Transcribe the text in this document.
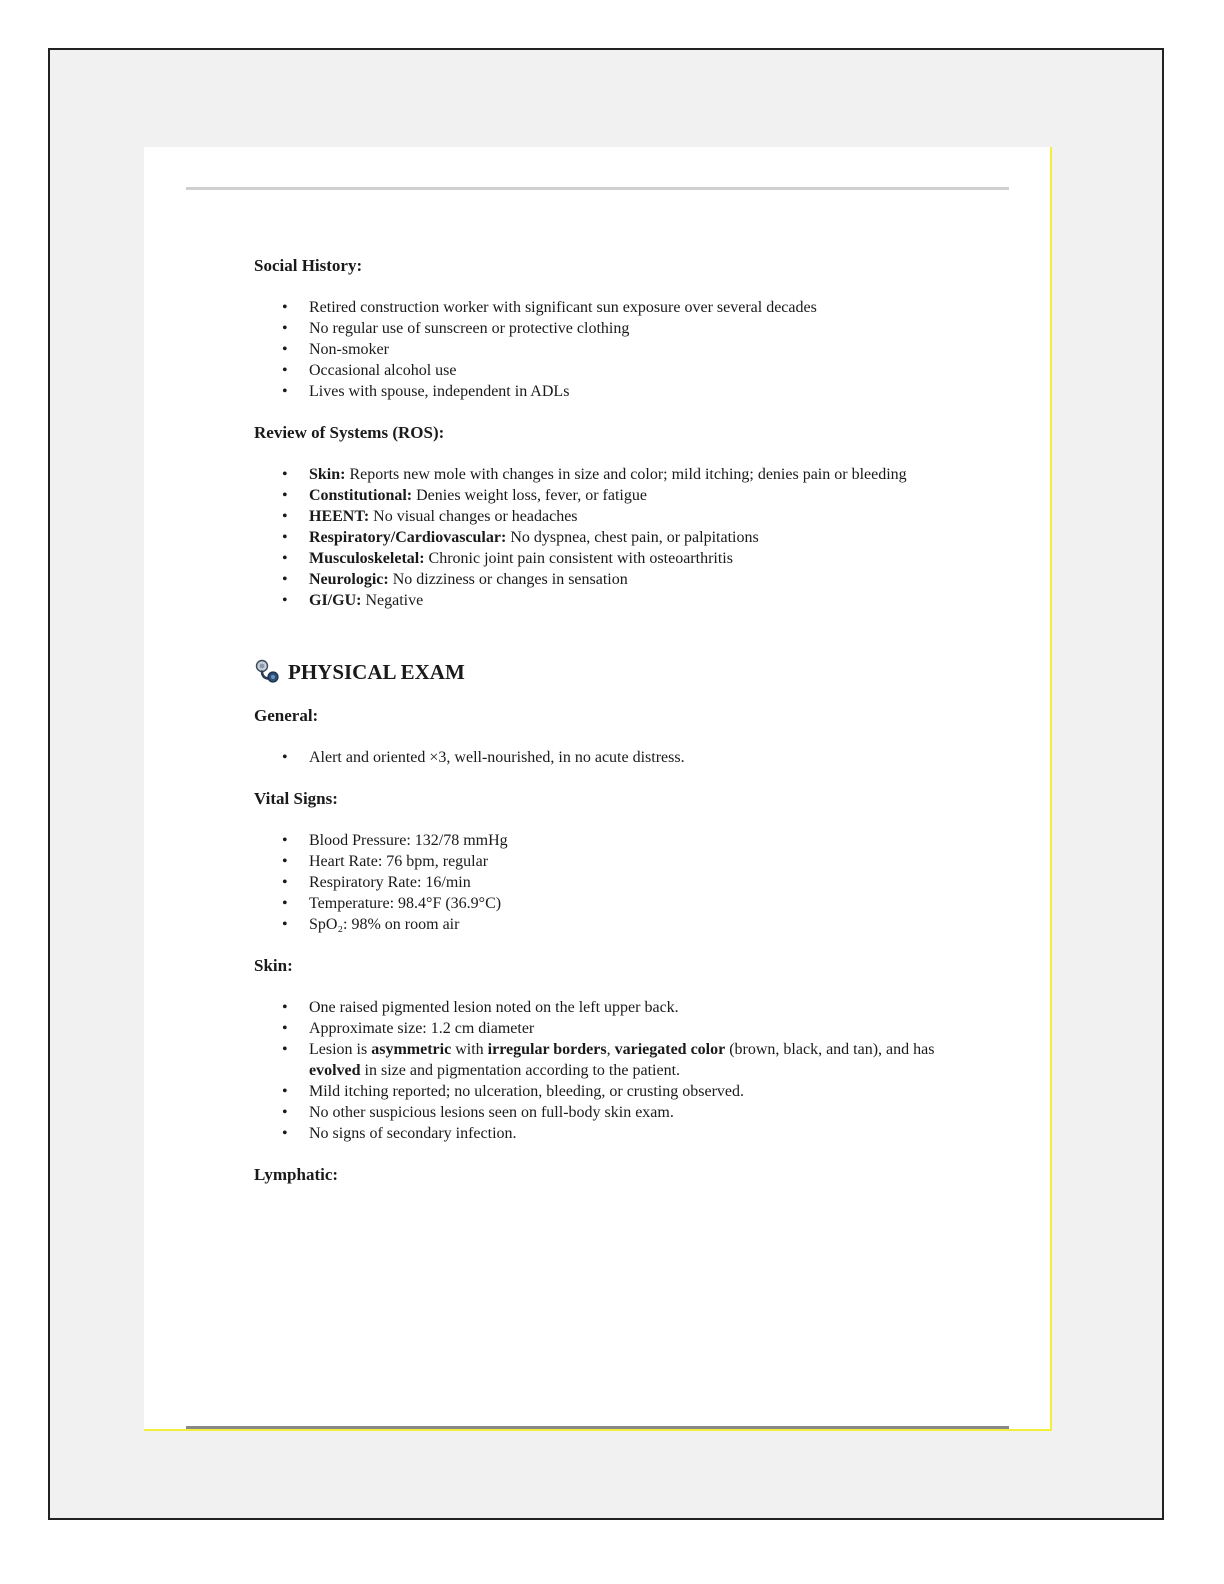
Social History:
• Retired construction worker with significant sun exposure over several decades
• No regular use of sunscreen or protective clothing
• Non-smoker
• Occasional alcohol use
• Lives with spouse, independent in ADLs
Review of Systems (ROS):
• Skin: Reports new mole with changes in size and color; mild itching; denies pain or bleeding
• Constitutional: Denies weight loss, fever, or fatigue
• HEENT: No visual changes or headaches
• Respiratory/Cardiovascular: No dyspnea, chest pain, or palpitations
• Musculoskeletal: Chronic joint pain consistent with osteoarthritis
• Neurologic: No dizziness or changes in sensation
• GI/GU: Negative
PHYSICAL EXAM
General:
• Alert and oriented ×3, well-nourished, in no acute distress.
Vital Signs:
• Blood Pressure: 132/78 mmHg
• Heart Rate: 76 bpm, regular
• Respiratory Rate: 16/min
• Temperature: 98.4°F (36.9°C)
• SpO₂: 98% on room air
Skin:
• One raised pigmented lesion noted on the left upper back.
• Approximate size: 1.2 cm diameter
• Lesion is asymmetric with irregular borders, variegated color (brown, black, and tan), and has evolved in size and pigmentation according to the patient.
• Mild itching reported; no ulceration, bleeding, or crusting observed.
• No other suspicious lesions seen on full-body skin exam.
• No signs of secondary infection.
Lymphatic:
